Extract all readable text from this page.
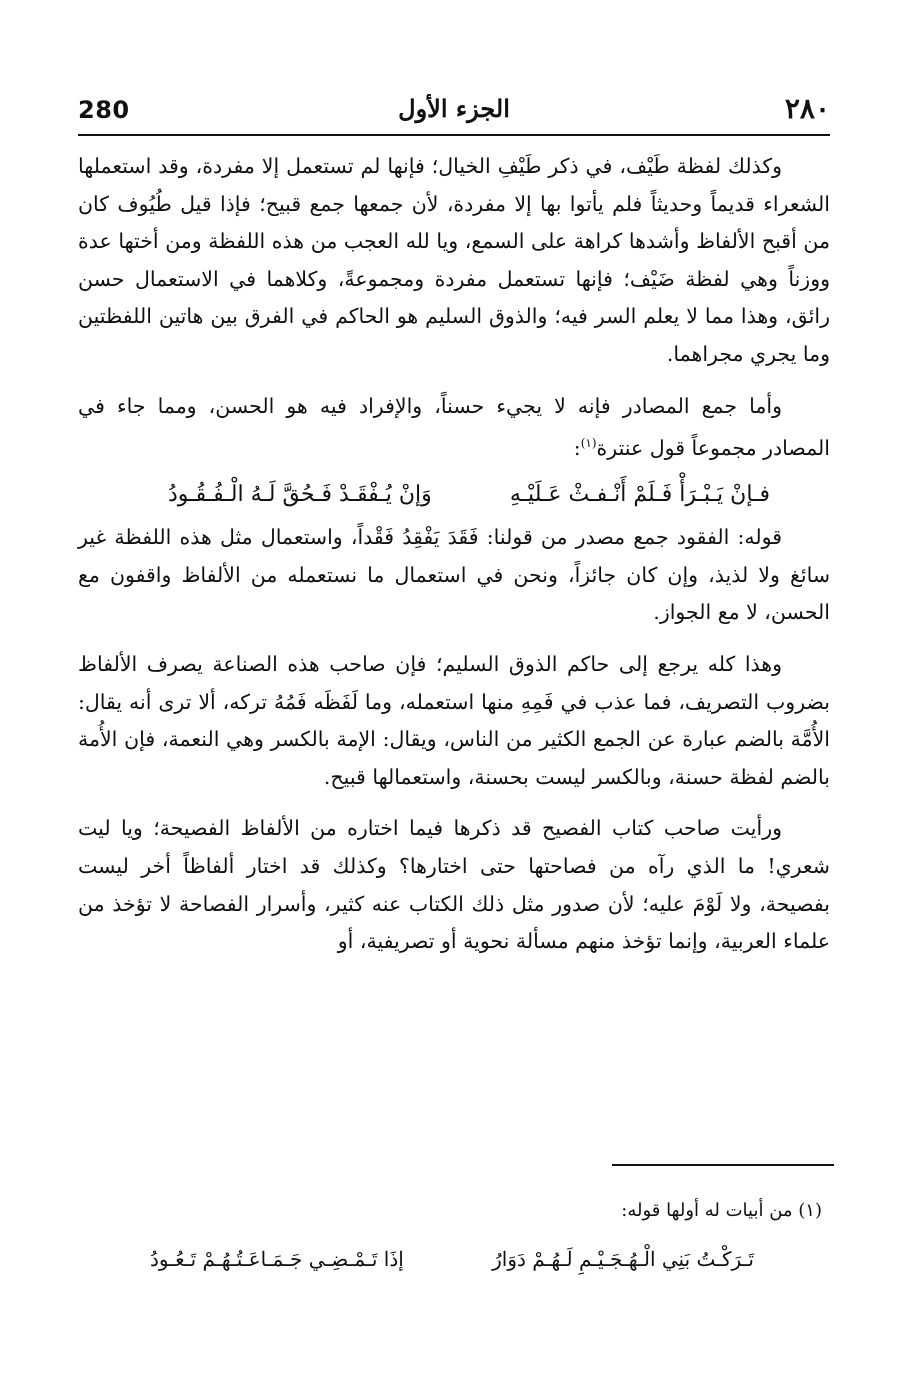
280	الجزء الأول	٢٨٠

وكذلك لفظة طَيْف، في ذكر طَيْفِ الخيال؛ فإنها لم تستعمل إلا مفردة، وقد استعملها الشعراء قديماً وحديثاً فلم يأتوا بها إلا مفردة، لأن جمعها جمع قبيح؛ فإذا قيل طُيُوف كان من أقبح الألفاظ وأشدها كراهة على السمع، ويا لله العجب من هذه اللفظة ومن أختها عدة ووزناً وهي لفظة ضَيْف؛ فإنها تستعمل مفردة ومجموعةً، وكلاهما في الاستعمال حسن رائق، وهذا مما لا يعلم السر فيه؛ والذوق السليم هو الحاكم في الفرق بين هاتين اللفظتين وما يجري مجراهما.

وأما جمع المصادر فإنه لا يجيء حسناً، والإفراد فيه هو الحسن، ومما جاء في المصادر مجموعاً قول عنترة$^{(١)}$:

فـإنْ يَـبْـرَأْ فَـلَمْ أَنْـفـثْ عَـلَيْـهِ
وَإنْ يُـفْقَـدْ فَـحُقَّ لَـهُ الْـفُـقُـودُ

قوله: الفقود جمع مصدر من قولنا: فَقَدَ يَفْقِدُ فَقْداً، واستعمال مثل هذه اللفظة غير سائغ ولا لذيذ، وإن كان جائزاً، ونحن في استعمال ما نستعمله من الألفاظ واقفون مع الحسن، لا مع الجواز.

وهذا كله يرجع إلى حاكم الذوق السليم؛ فإن صاحب هذه الصناعة يصرف الألفاظ بضروب التصريف، فما عذب في فَمِهِ منها استعمله، وما لَفَظَه فَمُهُ تركه، ألا ترى أنه يقال: الأُمَّة بالضم عبارة عن الجمع الكثير من الناس، ويقال: الإمة بالكسر وهي النعمة، فإن الأُمة بالضم لفظة حسنة، وبالكسر ليست بحسنة، واستعمالها قبيح.

ورأيت صاحب كتاب الفصيح قد ذكرها فيما اختاره من الألفاظ الفصيحة؛ ويا ليت شعري! ما الذي رآه من فصاحتها حتى اختارها؟ وكذلك قد اختار ألفاظاً أخر ليست بفصيحة، ولا لَوْمَ عليه؛ لأن صدور مثل ذلك الكتاب عنه كثير، وأسرار الفصاحة لا تؤخذ من علماء العربية، وإنما تؤخذ منهم مسألة نحوية أو تصريفية، أو

(١) من أبيات له أولها قوله:

تَـرَكْـتُ بَنِي الْـهُـجَـيْـمِ لَـهُـمْ دَوَارُ
إذَا تَـمْـضِـي جَـمَـاعَـتُـهُـمْ تَـعُـودُ
